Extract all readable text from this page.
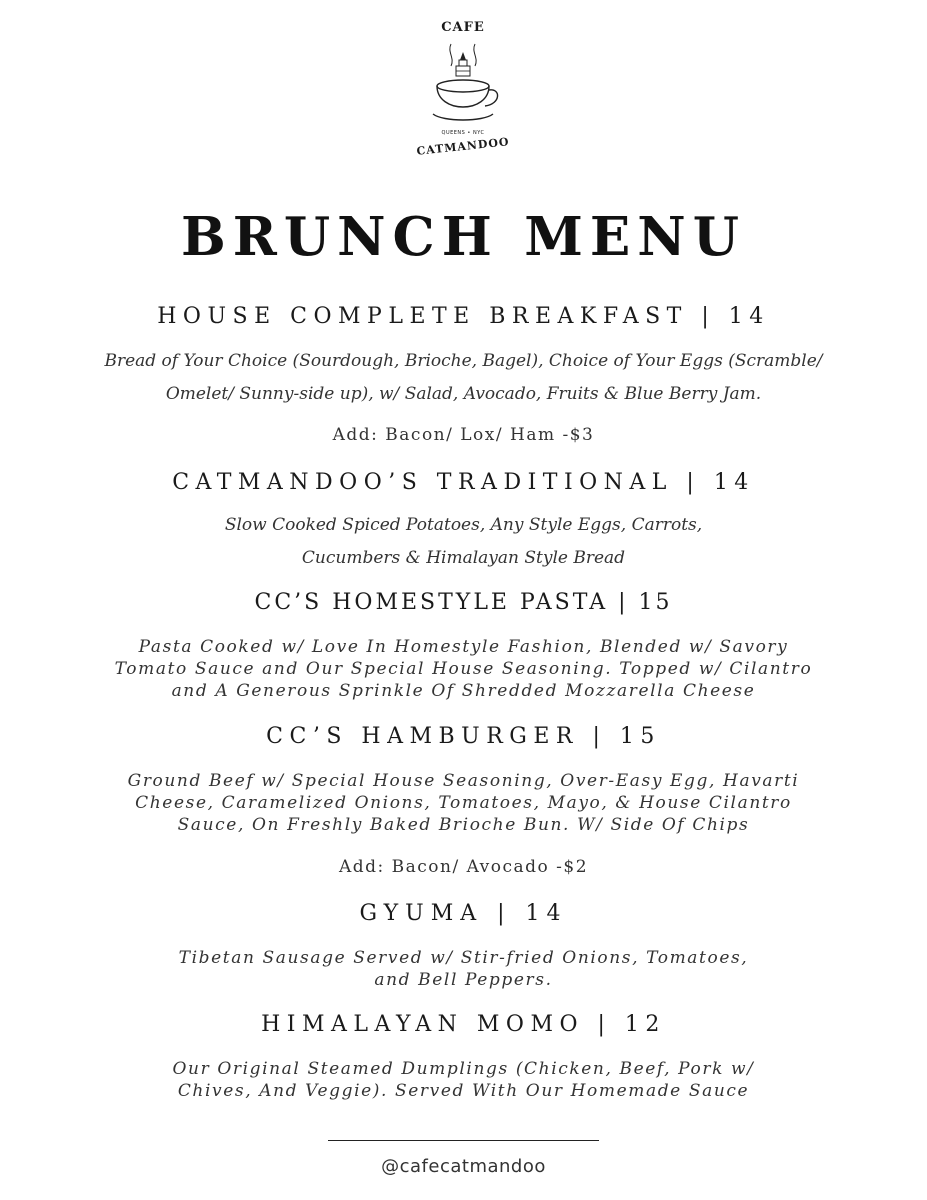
CAFE
QUEENS • NYC
CATMANDOO
BRUNCH MENU
HOUSE COMPLETE BREAKFAST | 14
Bread of Your Choice (Sourdough, Brioche, Bagel), Choice of Your Eggs (Scramble/
Omelet/ Sunny-side up), w/ Salad, Avocado, Fruits & Blue Berry Jam.
Add: Bacon/ Lox/ Ham -$3
CATMANDOO’S TRADITIONAL | 14
Slow Cooked Spiced Potatoes, Any Style Eggs, Carrots,
Cucumbers & Himalayan Style Bread
CC’S HOMESTYLE PASTA | 15
Pasta Cooked w/ Love In Homestyle Fashion, Blended w/ Savory
Tomato Sauce and Our Special House Seasoning. Topped w/ Cilantro
and A Generous Sprinkle Of Shredded Mozzarella Cheese
CC’S HAMBURGER | 15
Ground Beef w/ Special House Seasoning, Over-Easy Egg, Havarti
Cheese, Caramelized Onions, Tomatoes, Mayo, & House Cilantro
Sauce, On Freshly Baked Brioche Bun. W/ Side Of Chips
Add: Bacon/ Avocado -$2
GYUMA | 14
Tibetan Sausage Served w/ Stir-fried Onions, Tomatoes,
and Bell Peppers.
HIMALAYAN MOMO | 12
Our Original Steamed Dumplings (Chicken, Beef, Pork w/
Chives, And Veggie). Served With Our Homemade Sauce
@cafecatmandoo
